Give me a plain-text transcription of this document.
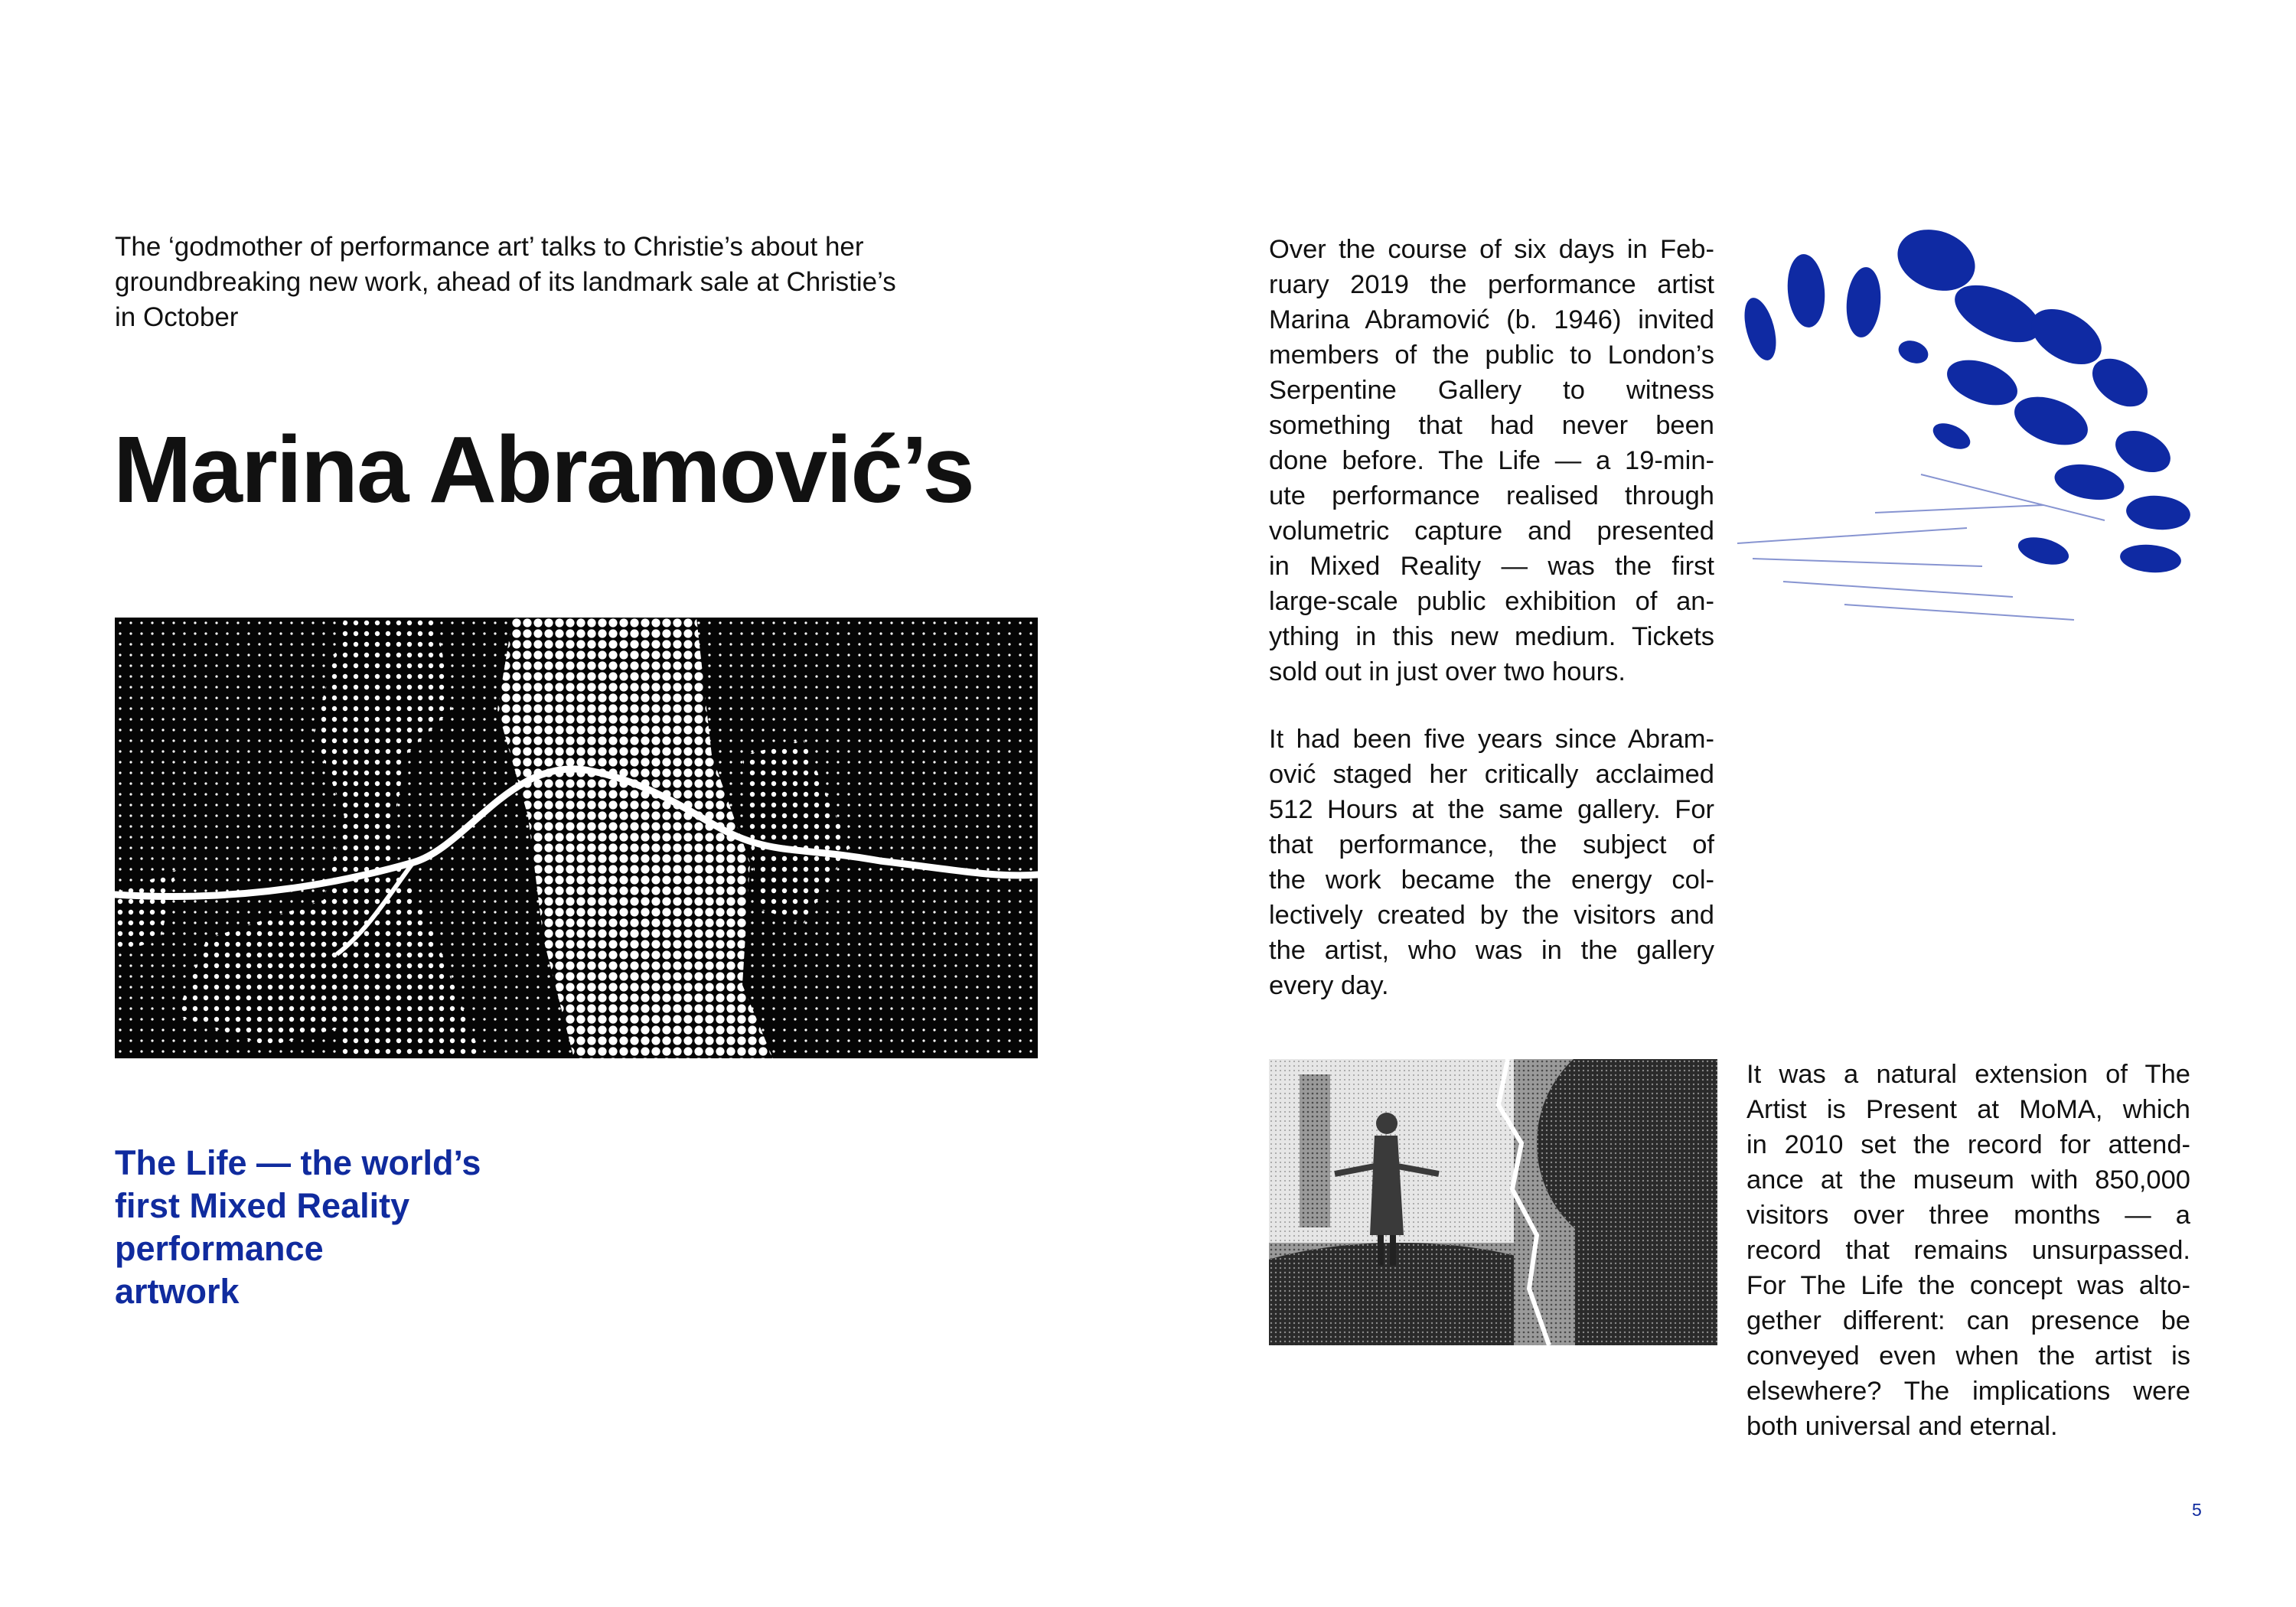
The ‘godmother of performance art’ talks to Christie’s about her
groundbreaking new work, ahead of its landmark sale at Christie’s
in October

Marina Abramović’s

The Life — the world’s
first Mixed Reality
performance
artwork

Over the course of six days in Feb-
ruary 2019 the performance artist
Marina Abramović (b. 1946) invited
members of the public to London’s
Serpentine Gallery to witness
something that had never been
done before. The Life — a 19-min-
ute performance realised through
volumetric capture and presented
in Mixed Reality — was the first
large-scale public exhibition of an-
ything in this new medium. Tickets
sold out in just over two hours.
It had been five years since Abram-
ović staged her critically acclaimed
512 Hours at the same gallery. For
that performance, the subject of
the work became the energy col-
lectively created by the visitors and
the artist, who was in the gallery
every day.
It was a natural extension of The
Artist is Present at MoMA, which
in 2010 set the record for attend-
ance at the museum with 850,000
visitors over three months — a
record that remains unsurpassed.
For The Life the concept was alto-
gether different: can presence be
conveyed even when the artist is
elsewhere? The implications were
both universal and eternal.

5
